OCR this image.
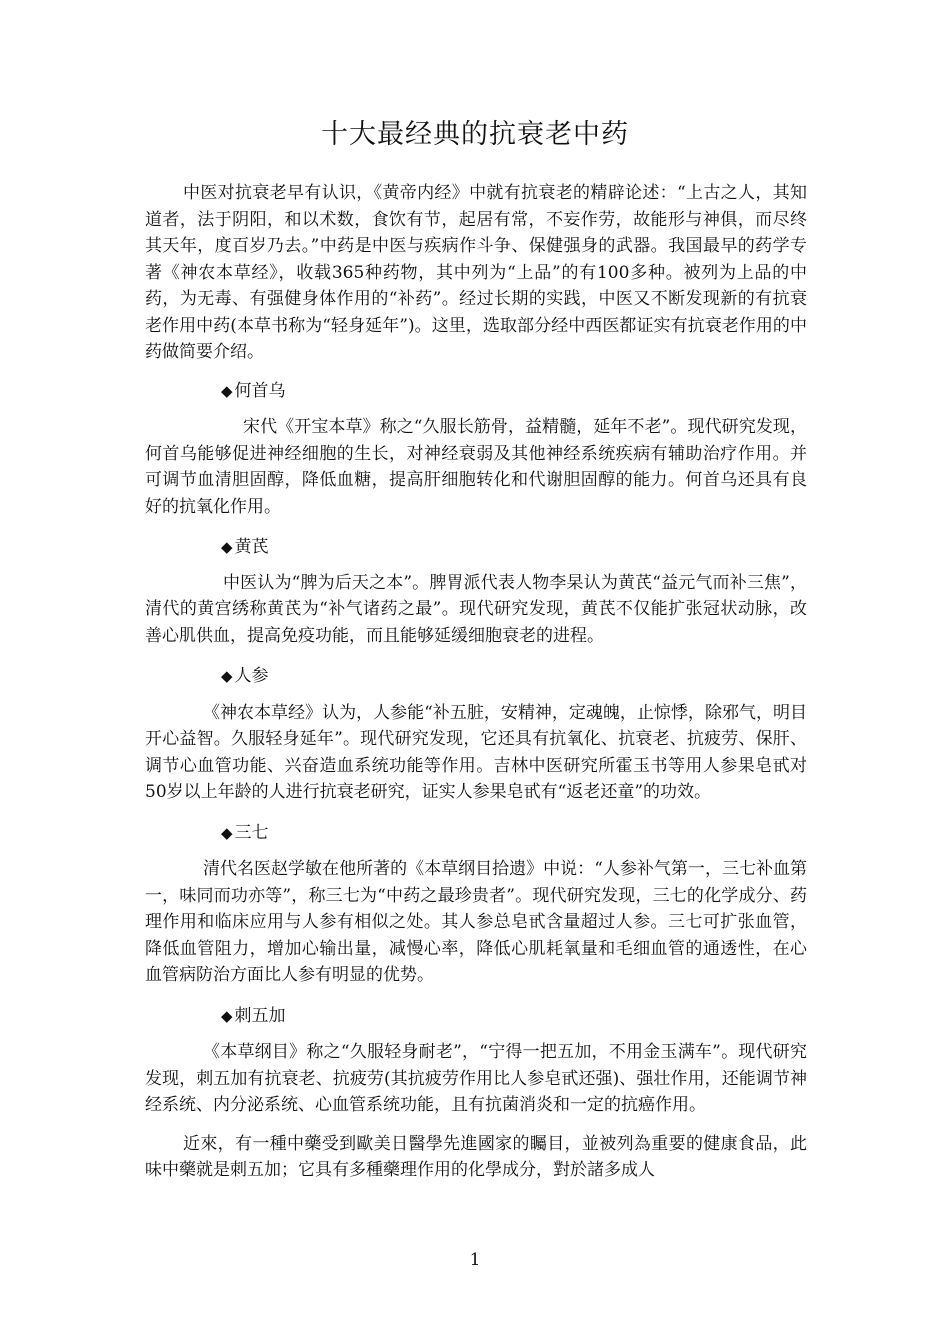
十大最经典的抗衰老中药

中医对抗衰老早有认识，《黄帝内经》中就有抗衰老的精辟论述：“上古之人，其知道者，法于阴阳，和以术数，食饮有节，起居有常，不妄作劳，故能形与神俱，而尽终其天年，度百岁乃去。”中药是中医与疾病作斗争、保健强身的武器。我国最早的药学专著《神农本草经》，收载365种药物，其中列为“上品”的有100多种。被列为上品的中药，为无毒、有强健身体作用的“补药”。经过长期的实践，中医又不断发现新的有抗衰老作用中药(本草书称为“轻身延年”)。这里，选取部分经中西医都证实有抗衰老作用的中药做简要介绍。

◆ 何首乌

宋代《开宝本草》称之“久服长筋骨，益精髓，延年不老”。现代研究发现，何首乌能够促进神经细胞的生长，对神经衰弱及其他神经系统疾病有辅助治疗作用。并可调节血清胆固醇，降低血糖，提高肝细胞转化和代谢胆固醇的能力。何首乌还具有良好的抗氧化作用。

◆ 黄芪

中医认为“脾为后天之本”。脾胃派代表人物李杲认为黄芪“益元气而补三焦”，清代的黄宫绣称黄芪为“补气诸药之最”。现代研究发现，黄芪不仅能扩张冠状动脉，改善心肌供血，提高免疫功能，而且能够延缓细胞衰老的进程。

◆ 人参

《神农本草经》认为，人参能“补五脏，安精神，定魂魄，止惊悸，除邪气，明目开心益智。久服轻身延年”。现代研究发现，它还具有抗氧化、抗衰老、抗疲劳、保肝、调节心血管功能、兴奋造血系统功能等作用。吉林中医研究所霍玉书等用人参果皂甙对50岁以上年龄的人进行抗衰老研究，证实人参果皂甙有“返老还童”的功效。

◆ 三七

清代名医赵学敏在他所著的《本草纲目拾遗》中说：“人参补气第一，三七补血第一，味同而功亦等”，称三七为“中药之最珍贵者”。现代研究发现，三七的化学成分、药理作用和临床应用与人参有相似之处。其人参总皂甙含量超过人参。三七可扩张血管，降低血管阻力，增加心输出量，减慢心率，降低心肌耗氧量和毛细血管的通透性，在心血管病防治方面比人参有明显的优势。

◆ 刺五加

《本草纲目》称之“久服轻身耐老”，“宁得一把五加，不用金玉满车”。现代研究发现，刺五加有抗衰老、抗疲劳(其抗疲劳作用比人参皂甙还强)、强壮作用，还能调节神经系统、内分泌系统、心血管系统功能，且有抗菌消炎和一定的抗癌作用。

近來，有一種中藥受到歐美日醫學先進國家的矚目，並被列為重要的健康食品，此味中藥就是刺五加；它具有多種藥理作用的化學成分，對於諸多成人

1
